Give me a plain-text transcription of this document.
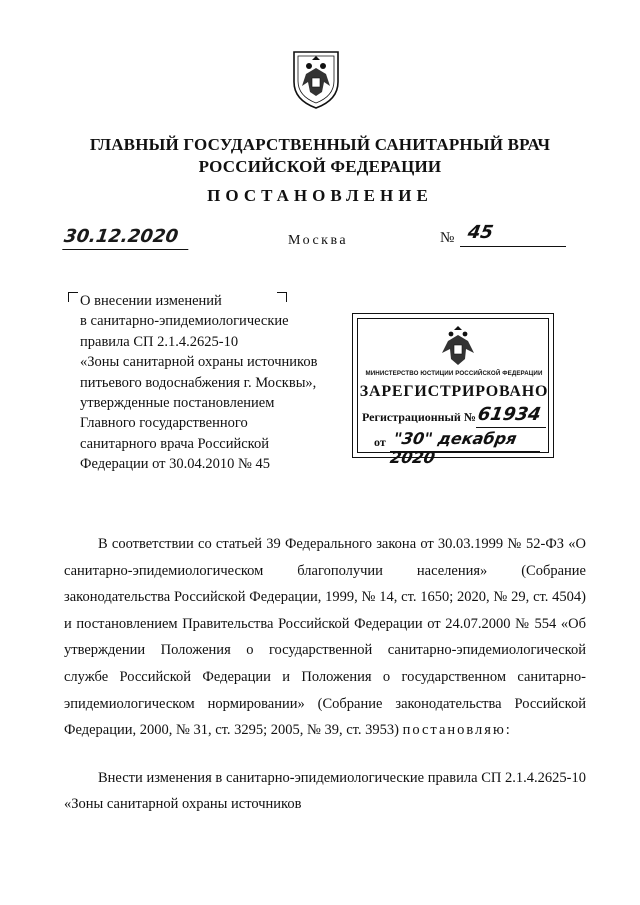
ГЛАВНЫЙ ГОСУДАРСТВЕННЫЙ САНИТАРНЫЙ ВРАЧ
РОССИЙСКОЙ ФЕДЕРАЦИИ
ПОСТАНОВЛЕНИЕ
30.12.2020	Москва	№ 45
О внесении изменений
в санитарно-эпидемиологические
правила СП 2.1.4.2625-10
«Зоны санитарной охраны источников
питьевого водоснабжения г. Москвы»,
утвержденные постановлением
Главного государственного
санитарного врача Российской
Федерации от 30.04.2010 № 45
МИНИСТЕРСТВО ЮСТИЦИИ РОССИЙСКОЙ ФЕДЕРАЦИИ
ЗАРЕГИСТРИРОВАНО
Регистрационный № 61934
от "30" декабря 2020

В соответствии со статьей 39 Федерального закона от 30.03.1999 № 52-ФЗ «О санитарно-эпидемиологическом благополучии населения» (Собрание законодательства Российской Федерации, 1999, № 14, ст. 1650; 2020, № 29, ст. 4504) и постановлением Правительства Российской Федерации от 24.07.2000 № 554 «Об утверждении Положения о государственной санитарно-эпидемиологической службе Российской Федерации и Положения о государственном санитарно-эпидемиологическом нормировании» (Собрание законодательства Российской Федерации, 2000, № 31, ст. 3295; 2005, № 39, ст. 3953) постановляю:

Внести изменения в санитарно-эпидемиологические правила СП 2.1.4.2625-10 «Зоны санитарной охраны источников
